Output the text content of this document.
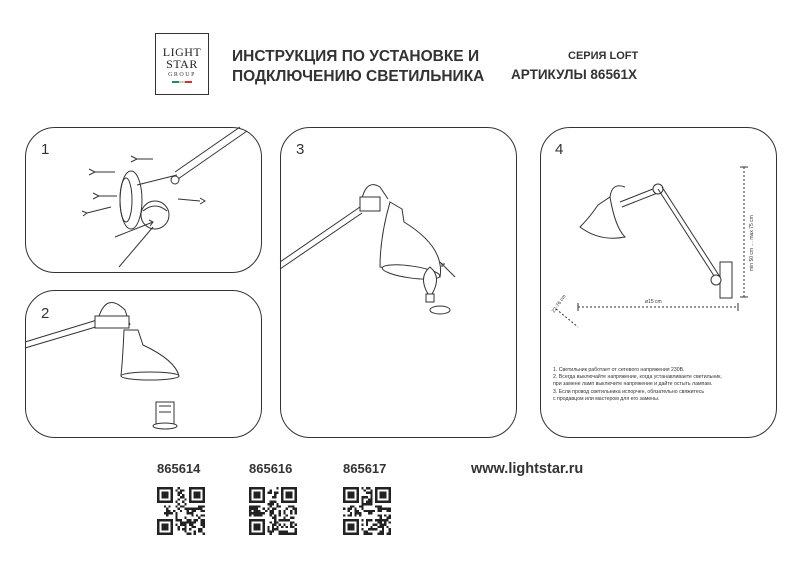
LIGHT
STAR
GROUP
ИНСТРУКЦИЯ ПО УСТАНОВКЕ И
ПОДКЛЮЧЕНИЮ СВЕТИЛЬНИКА
СЕРИЯ LOFT
АРТИКУЛЫ 86561X
1
2
3	4
min 50 cm .... max 75 cm
ø15 cm
22-76 cm
1. Светильник работает от сетевого напряжения 230В.
2. Всегда выключайте напряжение, когда устанавливаете светильник,
при замене ламп выключите напряжение и дайте остыть лампам.
3. Если провод светильника испорчен, обязательно свяжитесь
с продавцом или мастером для его замены.
865614	865616	865617	www.lightstar.ru
